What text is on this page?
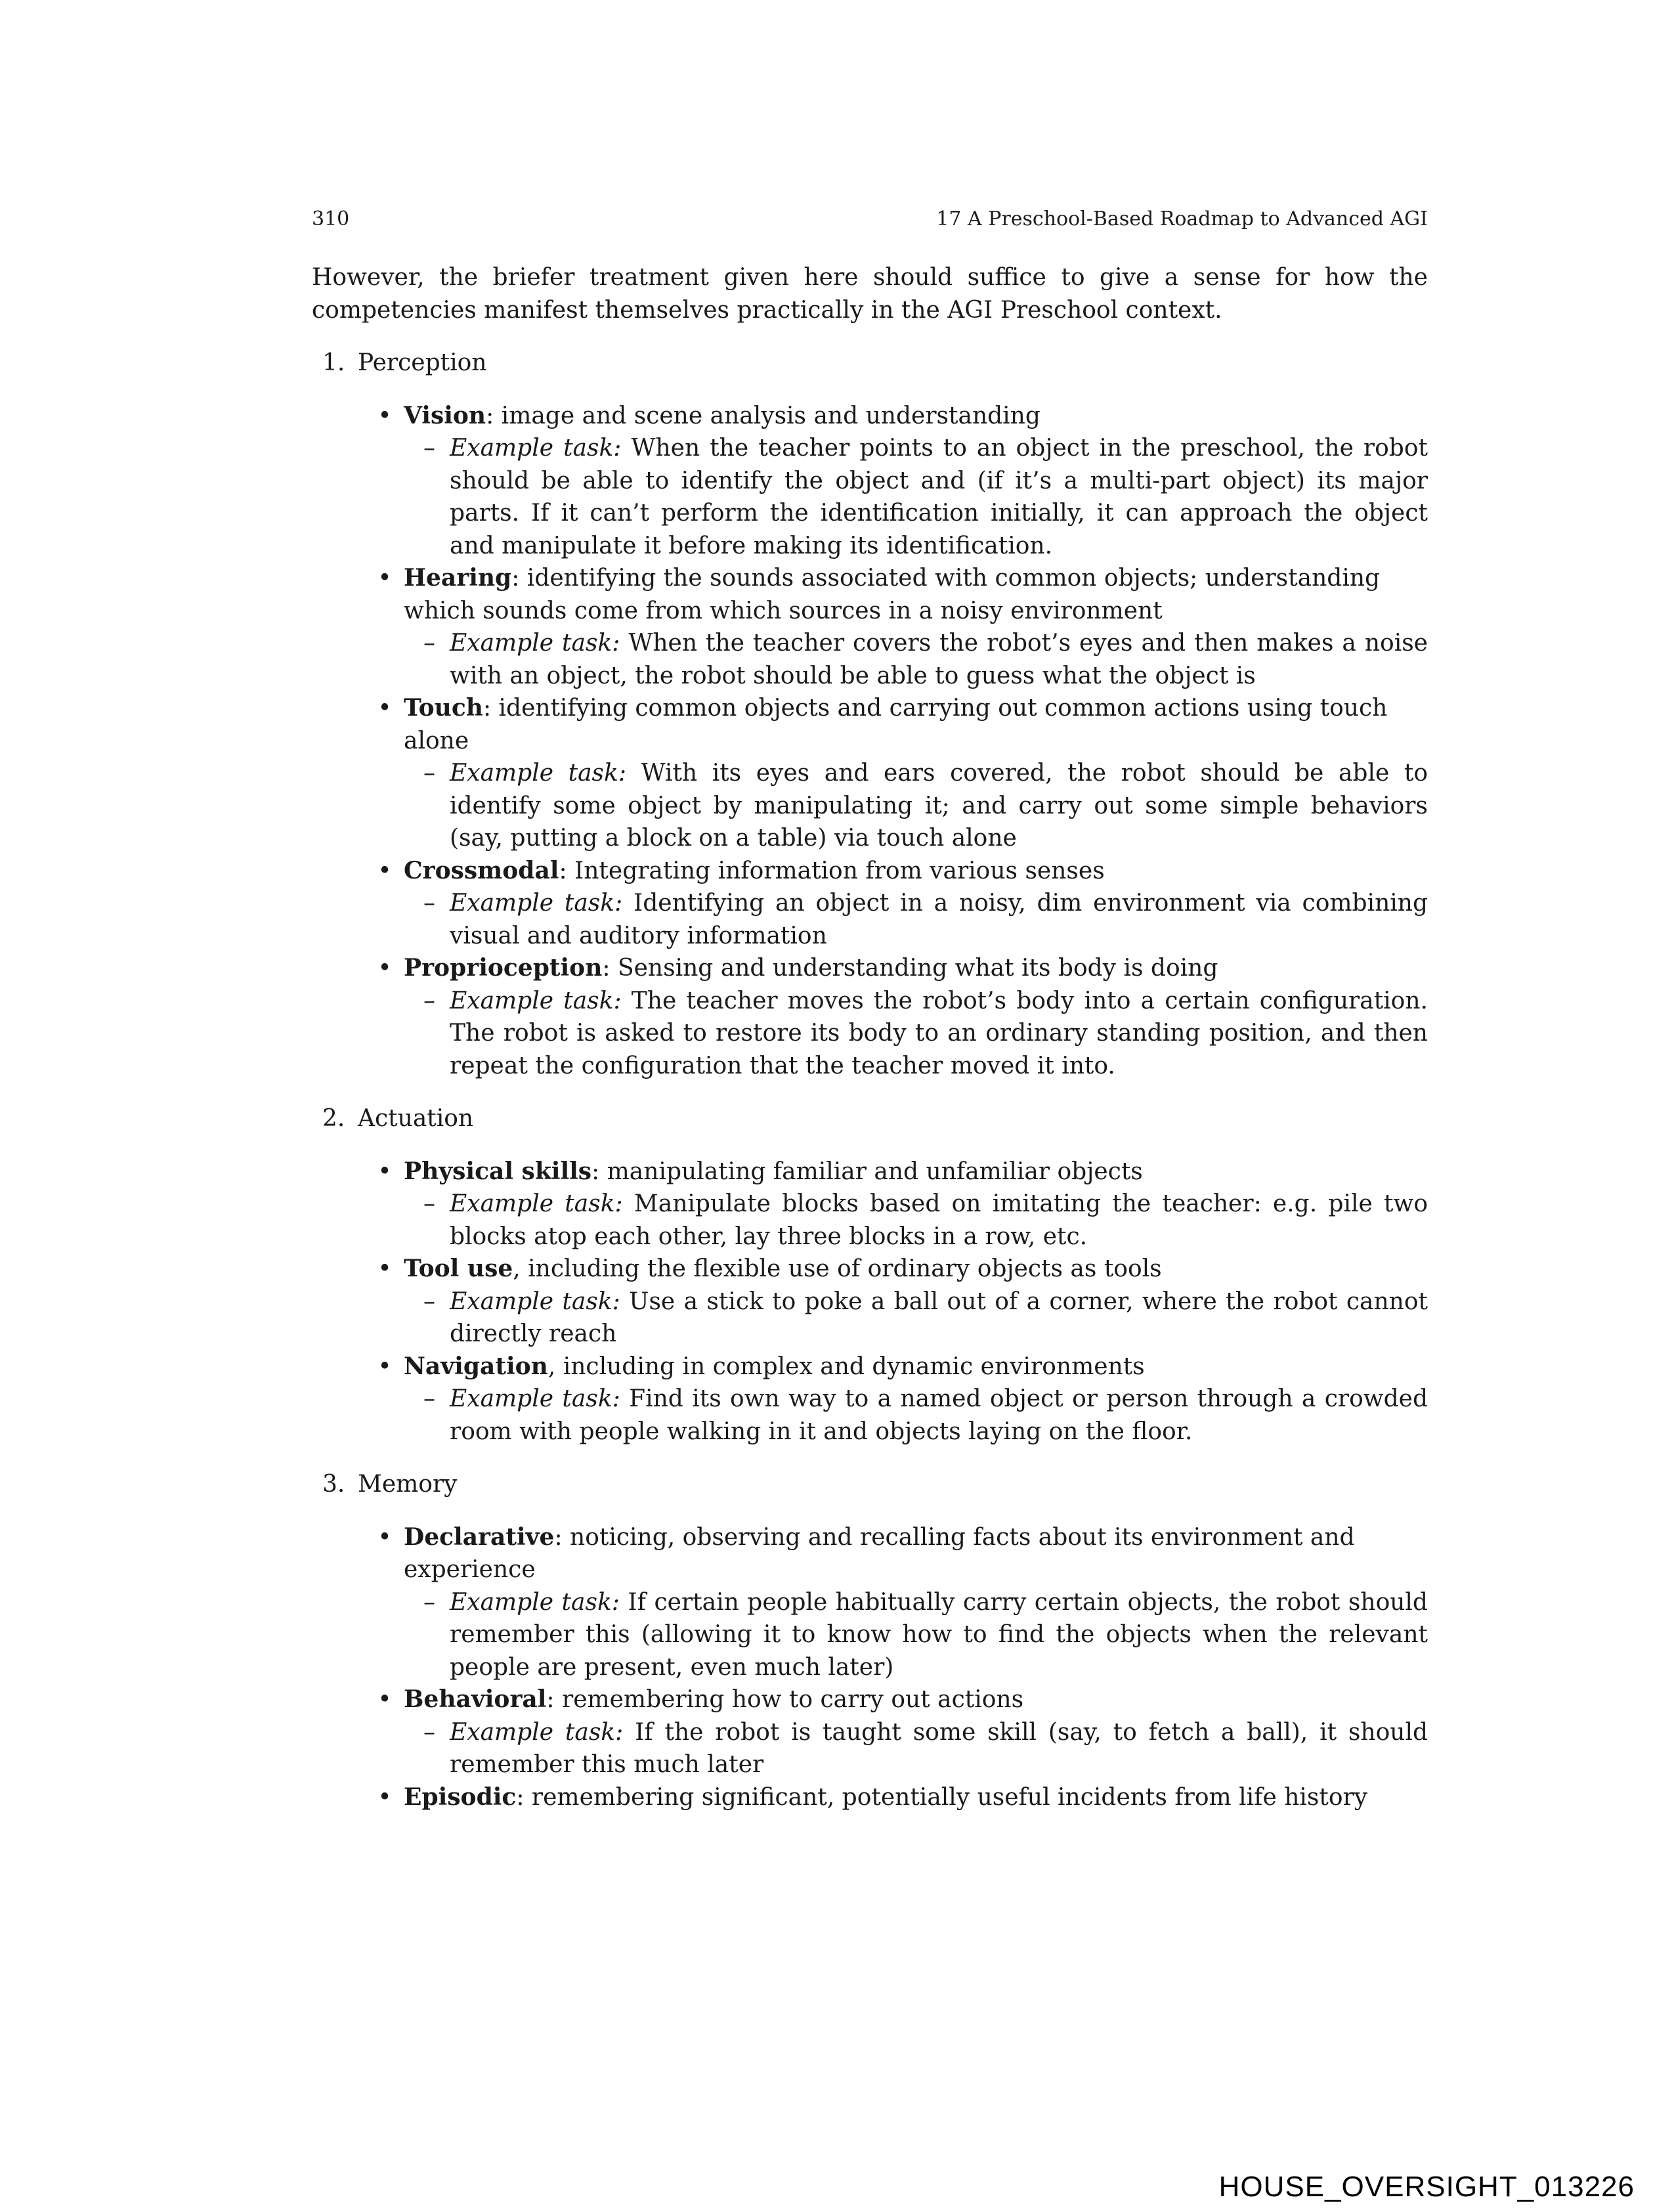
310	17 A Preschool-Based Roadmap to Advanced AGI

However, the briefer treatment given here should suffice to give a sense for how the competencies manifest themselves practically in the AGI Preschool context.

1. Perception
• Vision: image and scene analysis and understanding
– Example task: When the teacher points to an object in the preschool, the robot should be able to identify the object and (if it’s a multi-part object) its major parts. If it can’t perform the identification initially, it can approach the object and manipulate it before making its identification.
• Hearing: identifying the sounds associated with common objects; understanding which sounds come from which sources in a noisy environment
– Example task: When the teacher covers the robot’s eyes and then makes a noise with an object, the robot should be able to guess what the object is
• Touch: identifying common objects and carrying out common actions using touch alone
– Example task: With its eyes and ears covered, the robot should be able to identify some object by manipulating it; and carry out some simple behaviors (say, putting a block on a table) via touch alone
• Crossmodal: Integrating information from various senses
– Example task: Identifying an object in a noisy, dim environment via combining visual and auditory information
• Proprioception: Sensing and understanding what its body is doing
– Example task: The teacher moves the robot’s body into a certain configuration. The robot is asked to restore its body to an ordinary standing position, and then repeat the configuration that the teacher moved it into.
2. Actuation
• Physical skills: manipulating familiar and unfamiliar objects
– Example task: Manipulate blocks based on imitating the teacher: e.g. pile two blocks atop each other, lay three blocks in a row, etc.
• Tool use, including the flexible use of ordinary objects as tools
– Example task: Use a stick to poke a ball out of a corner, where the robot cannot directly reach
• Navigation, including in complex and dynamic environments
– Example task: Find its own way to a named object or person through a crowded room with people walking in it and objects laying on the floor.
3. Memory
• Declarative: noticing, observing and recalling facts about its environment and experience
– Example task: If certain people habitually carry certain objects, the robot should remember this (allowing it to know how to find the objects when the relevant people are present, even much later)
• Behavioral: remembering how to carry out actions
– Example task: If the robot is taught some skill (say, to fetch a ball), it should remember this much later
• Episodic: remembering significant, potentially useful incidents from life history
HOUSE_OVERSIGHT_013226
